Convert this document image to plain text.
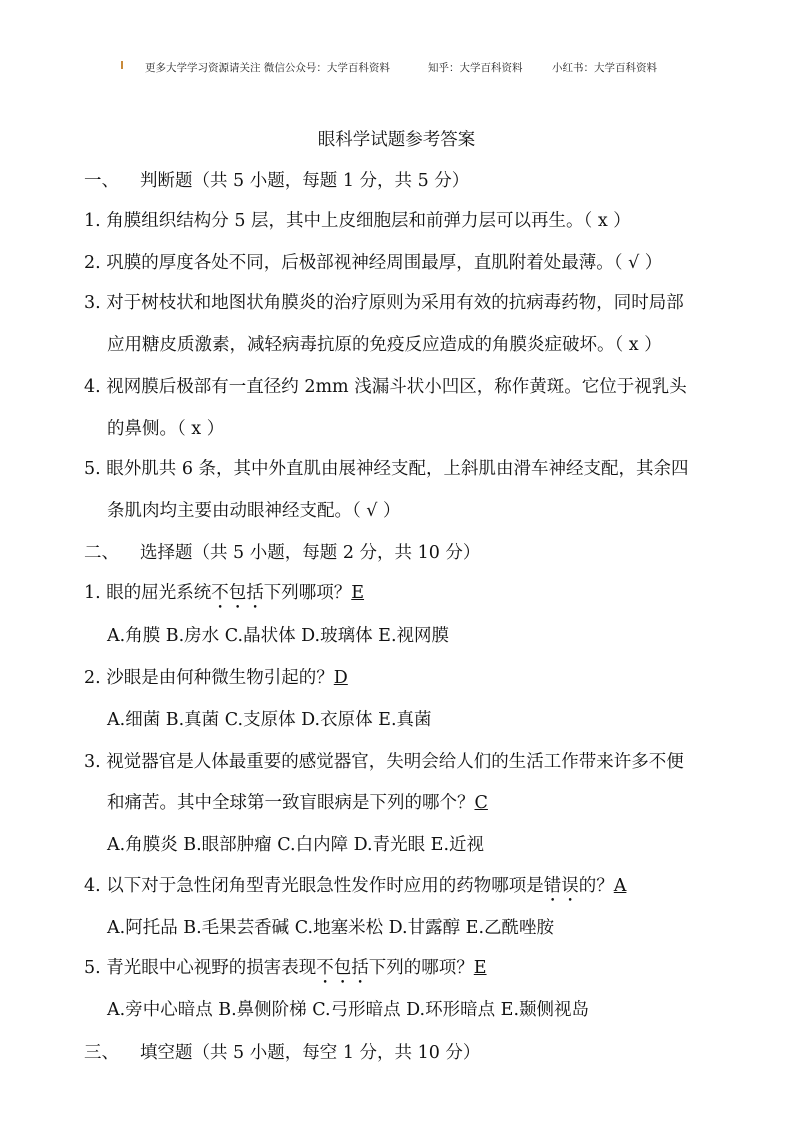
更多大学学习资源请关注 微信公众号：大学百科资料	知乎：大学百科资料	小红书：大学百科资料
眼科学试题参考答案
一、 判断题（共 5 小题，每题 1 分，共 5 分）
1. 角膜组织结构分 5 层，其中上皮细胞层和前弹力层可以再生。（ x ）
2. 巩膜的厚度各处不同，后极部视神经周围最厚，直肌附着处最薄。（ √ ）
3. 对于树枝状和地图状角膜炎的治疗原则为采用有效的抗病毒药物，同时局部
应用糖皮质激素，减轻病毒抗原的免疫反应造成的角膜炎症破坏。（ x ）
4. 视网膜后极部有一直径约 2mm 浅漏斗状小凹区，称作黄斑。它位于视乳头
的鼻侧。（ x ）
5. 眼外肌共 6 条，其中外直肌由展神经支配，上斜肌由滑车神经支配，其余四
条肌肉均主要由动眼神经支配。（ √ ）
二、 选择题（共 5 小题，每题 2 分，共 10 分）
1. 眼的屈光系统不包括下列哪项？E
A.角膜 B.房水 C.晶状体 D.玻璃体 E.视网膜
2. 沙眼是由何种微生物引起的？D
A.细菌 B.真菌 C.支原体 D.衣原体 E.真菌
3. 视觉器官是人体最重要的感觉器官，失明会给人们的生活工作带来许多不便
和痛苦。其中全球第一致盲眼病是下列的哪个？C
A.角膜炎 B.眼部肿瘤 C.白内障 D.青光眼 E.近视
4. 以下对于急性闭角型青光眼急性发作时应用的药物哪项是错误的？A
A.阿托品 B.毛果芸香碱 C.地塞米松 D.甘露醇 E.乙酰唑胺
5. 青光眼中心视野的损害表现不包括下列的哪项？E
A.旁中心暗点 B.鼻侧阶梯 C.弓形暗点 D.环形暗点 E.颞侧视岛
三、 填空题（共 5 小题，每空 1 分，共 10 分）
